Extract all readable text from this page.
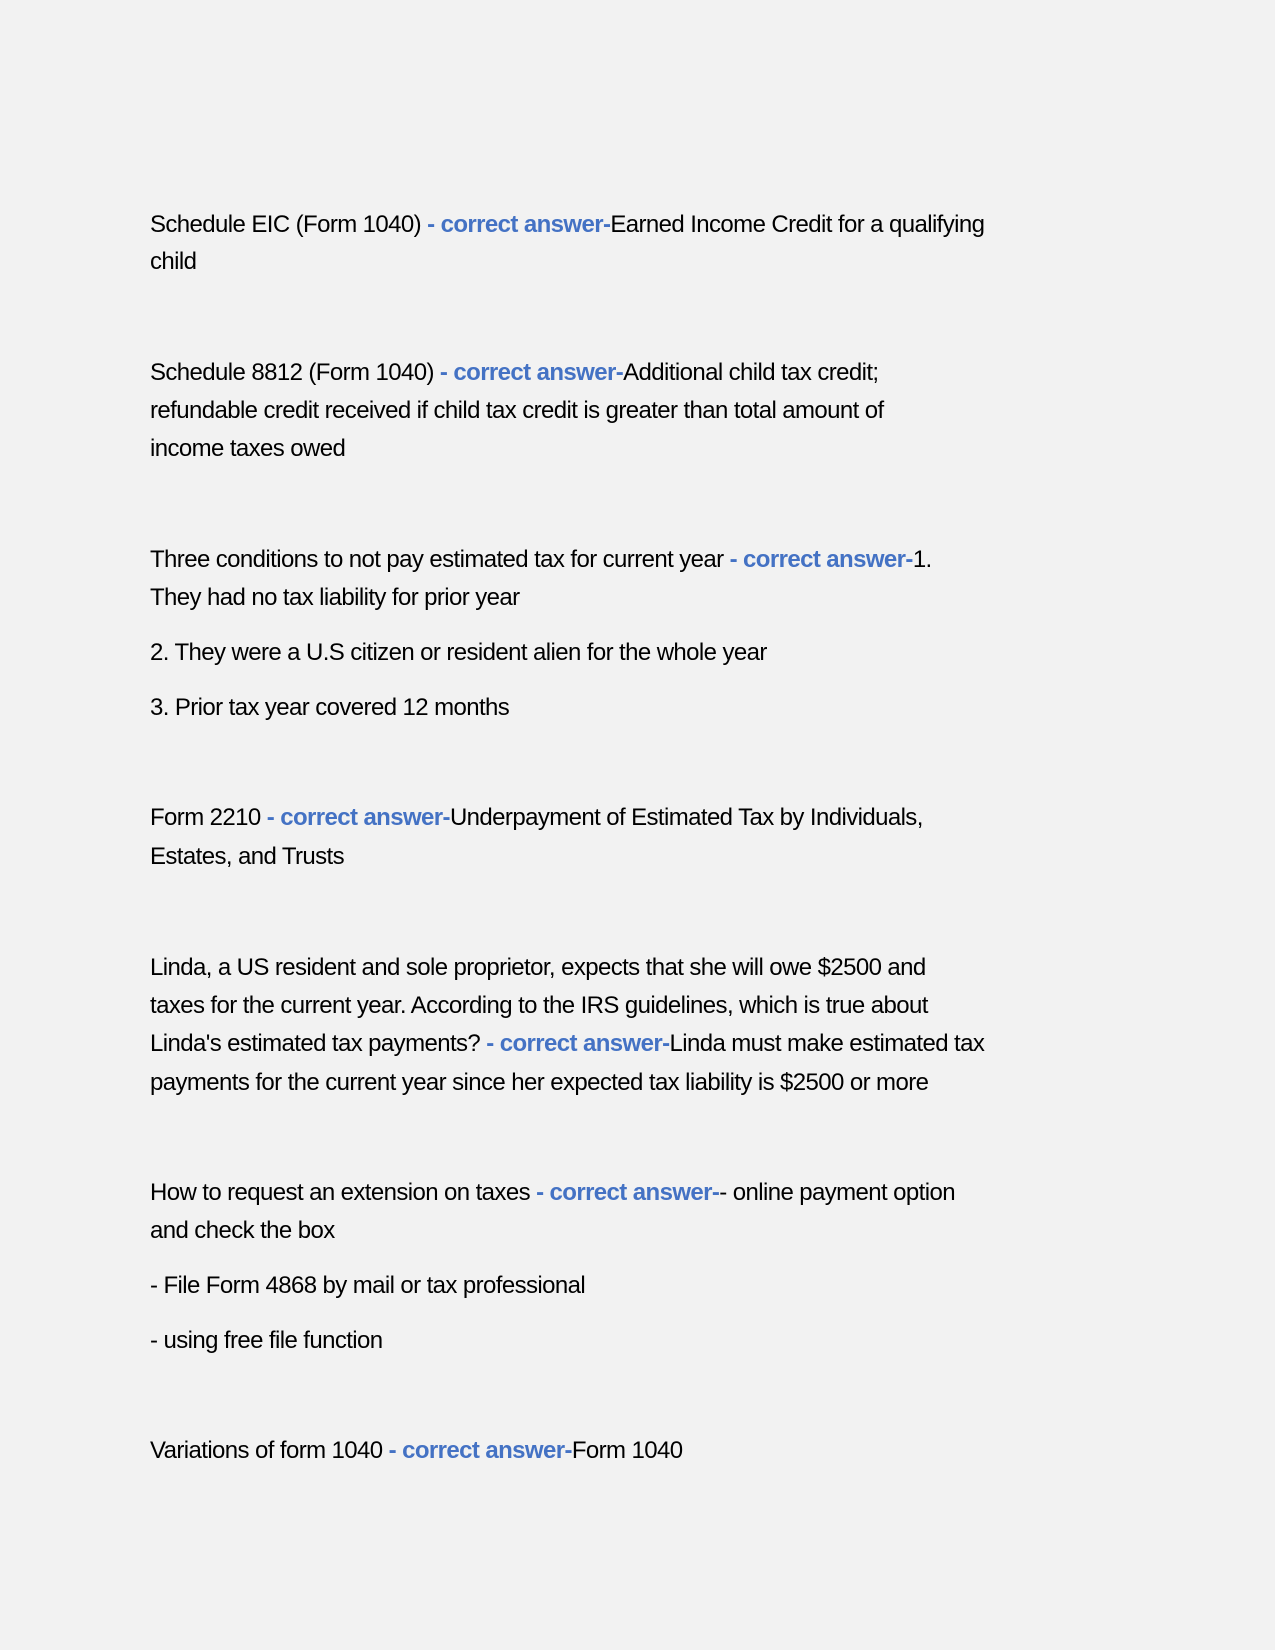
Schedule EIC (Form 1040) - correct answer-Earned Income Credit for a qualifying
child
Schedule 8812 (Form 1040) - correct answer-Additional child tax credit;
refundable credit received if child tax credit is greater than total amount of
income taxes owed
Three conditions to not pay estimated tax for current year - correct answer-1.
They had no tax liability for prior year
2. They were a U.S citizen or resident alien for the whole year
3. Prior tax year covered 12 months
Form 2210 - correct answer-Underpayment of Estimated Tax by Individuals,
Estates, and Trusts
Linda, a US resident and sole proprietor, expects that she will owe $2500 and
taxes for the current year. According to the IRS guidelines, which is true about
Linda's estimated tax payments? - correct answer-Linda must make estimated tax
payments for the current year since her expected tax liability is $2500 or more
How to request an extension on taxes - correct answer-- online payment option
and check the box
- File Form 4868 by mail or tax professional
- using free file function
Variations of form 1040 - correct answer-Form 1040
